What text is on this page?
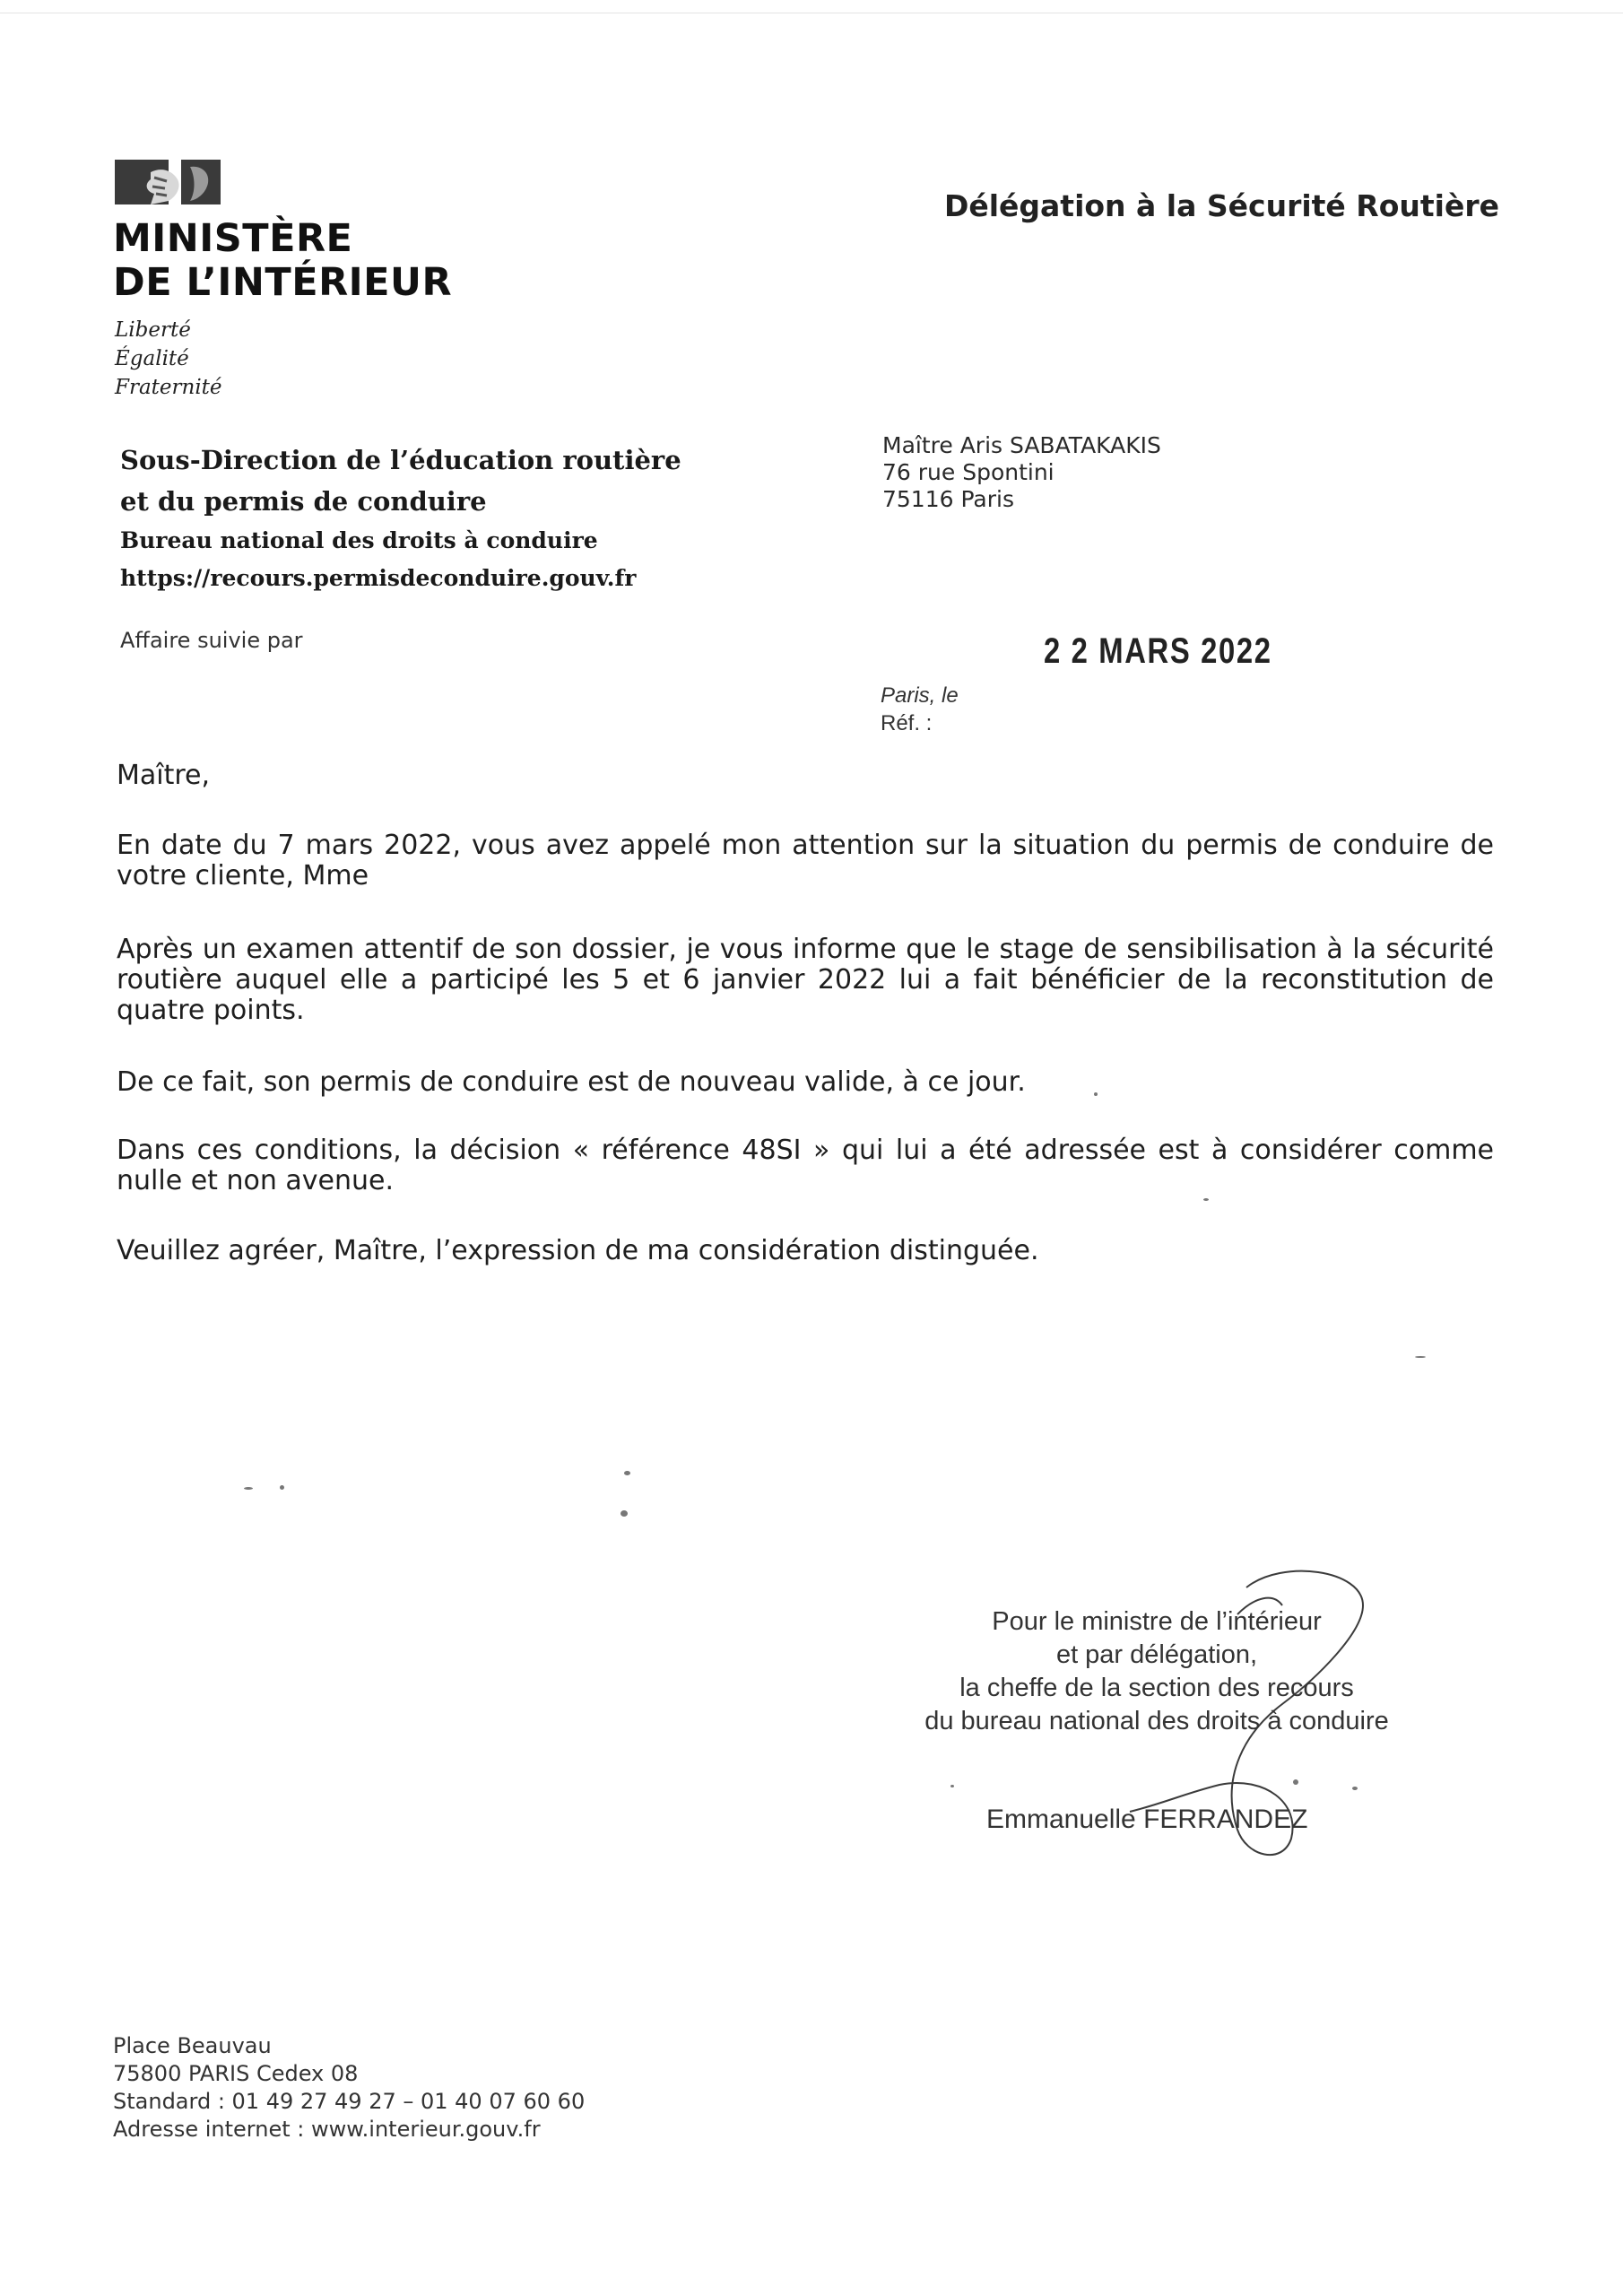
MINISTÈRE
DE L’INTÉRIEUR
Liberté
Égalité
Fraternité
Délégation à la Sécurité Routière
Sous-Direction de l’éducation routière
et du permis de conduire
Bureau national des droits à conduire
https://recours.permisdeconduire.gouv.fr
Affaire suivie par
Maître Aris SABATAKAKIS
76 rue Spontini
75116 Paris
2 2 MARS 2022
Paris, le
Réf. :
Maître,
En date du 7 mars 2022, vous avez appelé mon attention sur la situation du permis de conduire de votre cliente, Mme
Après un examen attentif de son dossier, je vous informe que le stage de sensibilisation à la sécurité routière auquel elle a participé les 5 et 6 janvier 2022 lui a fait bénéficier de la reconstitution de quatre points.
De ce fait, son permis de conduire est de nouveau valide, à ce jour.
Dans ces conditions, la décision « référence 48SI » qui lui a été adressée est à considérer comme nulle et non avenue.
Veuillez agréer, Maître, l’expression de ma considération distinguée.
Pour le ministre de l’intérieur
et par délégation,
la cheffe de la section des recours
du bureau national des droits à conduire
Emmanuelle FERRANDEZ
Place Beauvau
75800 PARIS Cedex 08
Standard : 01 49 27 49 27 – 01 40 07 60 60
Adresse internet : www.interieur.gouv.fr
